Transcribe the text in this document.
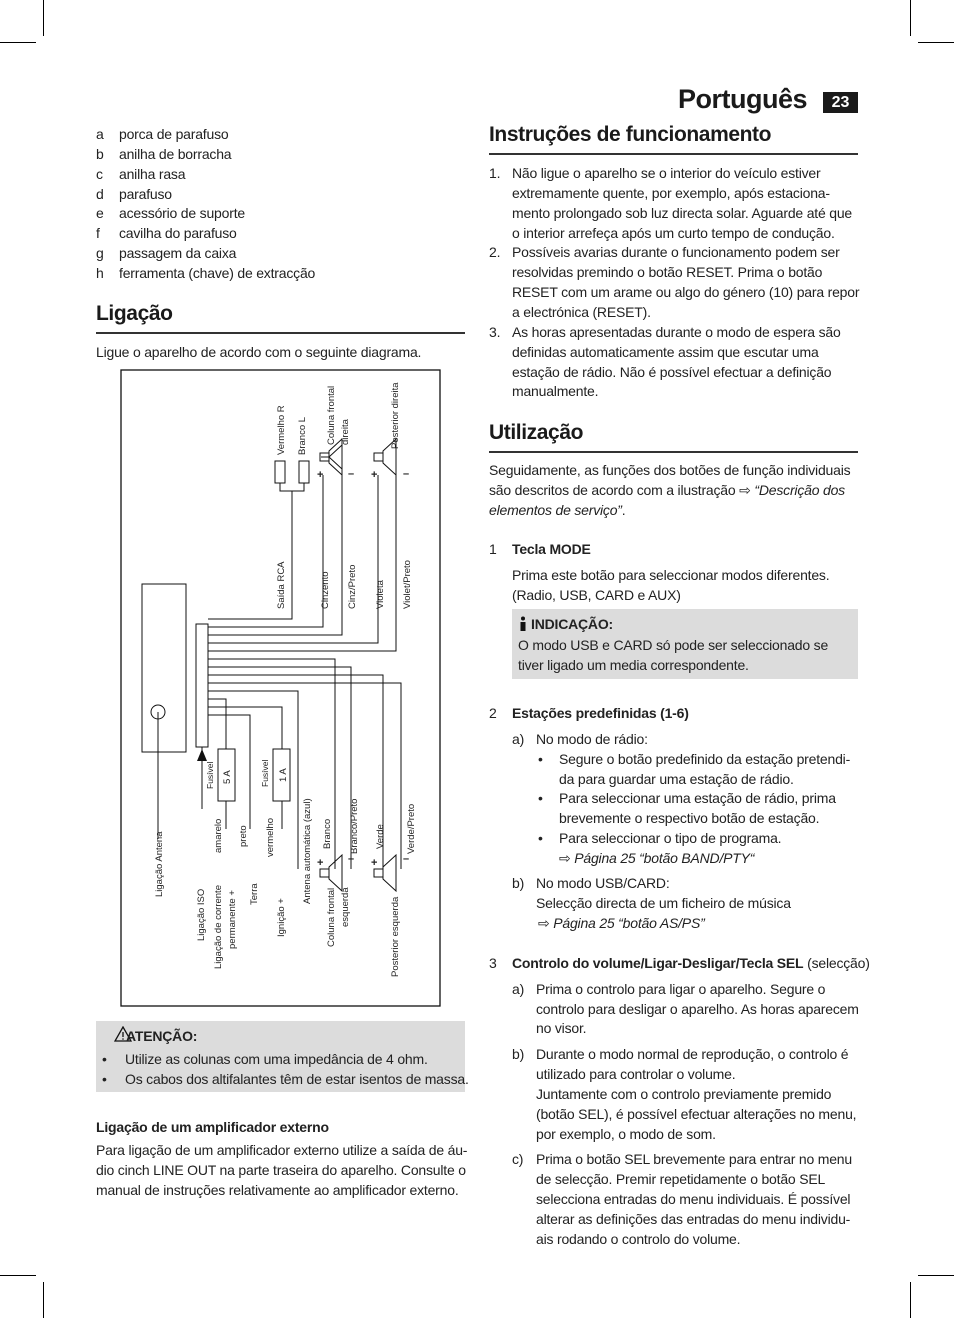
Português	23
a porca de parafuso
b anilha de borracha
c anilha rasa
d parafuso
e acessório de suporte
f cavilha do parafuso
g passagem da caixa
h ferramenta (chave) de extracção
Ligação
Ligue o aparelho de acordo com o seguinte diagrama.
Vermelho R Branco L Coluna frontal direita	Posterior direita
Saída RCA	Cinzento Cinz/Preto Violeta Violet/Preto
Fusível 5 A	Fusível 1 A
Ligação Antena	amarelo preto vermelho	Antena automática (azul) Branco Branco/Preto Verde Verde/Preto
Ligação ISO Ligação de corrente permanente + Terra
Ignição +	Coluna frontal esquerda	Posterior esquerda
+ – + –
+ – + –
ATENÇÃO:
• Utilize as colunas com uma impedância de 4 ohm.
• Os cabos dos altifalantes têm de estar isentos de massa.
Ligação de um amplificador externo
Para ligação de um amplificador externo utilize a saída de áu-
dio cinch LINE OUT na parte traseira do aparelho. Consulte o
manual de instruções relativamente ao amplificador externo.
Instruções de funcionamento
1. Não ligue o aparelho se o interior do veículo estiver
extremamente quente, por exemplo, após estaciona-
mento prolongado sob luz directa solar. Aguarde até que
o interior arrefeça após um curto tempo de condução.
2. Possíveis avarias durante o funcionamento podem ser
resolvidas premindo o botão RESET. Prima o botão
RESET com um arame ou algo do género (10) para repor
a electrónica (RESET).
3. As horas apresentadas durante o modo de espera são
definidas automaticamente assim que escutar uma
estação de rádio. Não é possível efectuar a definição
manualmente.
Utilização
Seguidamente, as funções dos botões de função individuais
são descritos de acordo com a ilustração ⇨ “Descrição dos
elementos de serviço”.
1 Tecla MODE
Prima este botão para seleccionar modos diferentes.
(Radio, USB, CARD e AUX)
INDICAÇÃO:
O modo USB e CARD só pode ser seleccionado se
tiver ligado um media correspondente.
2 Estações predefinidas (1-6)
a) No modo de rádio:
• Segure o botão predefinido da estação pretendi-
da para guardar uma estação de rádio.
• Para seleccionar uma estação de rádio, prima
brevemente o respectivo botão de estação.
• Para seleccionar o tipo de programa.
⇨ Página 25 “botão BAND/PTY“
b) No modo USB/CARD:
Selecção directa de um ficheiro de música
⇨ Página 25 “botão AS/PS”
3 Controlo do volume/Ligar-Desligar/Tecla SEL (selecção)
a) Prima o controlo para ligar o aparelho. Segure o
controlo para desligar o aparelho. As horas aparecem
no visor.
b) Durante o modo normal de reprodução, o controlo é
utilizado para controlar o volume.
Juntamente com o controlo previamente premido
(botão SEL), é possível efectuar alterações no menu,
por exemplo, o modo de som.
c) Prima o botão SEL brevemente para entrar no menu
de selecção. Premir repetidamente o botão SEL
selecciona entradas do menu individuais. É possível
alterar as definições das entradas do menu individu-
ais rodando o controlo do volume.
